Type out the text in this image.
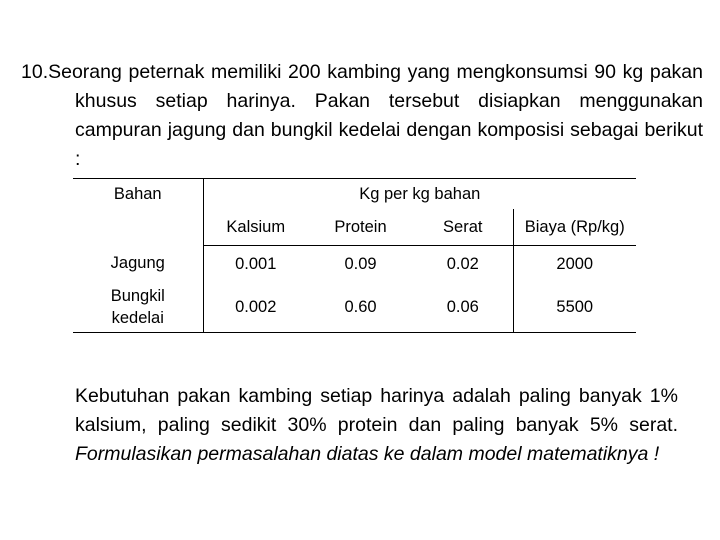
10.Seorang peternak memiliki 200 kambing yang mengkonsumsi 90 kg pakan khusus setiap harinya. Pakan tersebut disiapkan menggunakan campuran jagung dan bungkil kedelai dengan komposisi sebagai berikut :

Bahan	Kg per kg bahan			
	Kalsium	Protein	Serat	Biaya (Rp/kg)
Jagung	0.001	0.09	0.02	2000

Bungkil
kedelai	0.002	0.60	0.06	5500

Kebutuhan pakan kambing setiap harinya adalah paling banyak 1% kalsium, paling sedikit 30% protein dan paling banyak 5% serat. Formulasikan permasalahan diatas ke dalam model matematiknya !
